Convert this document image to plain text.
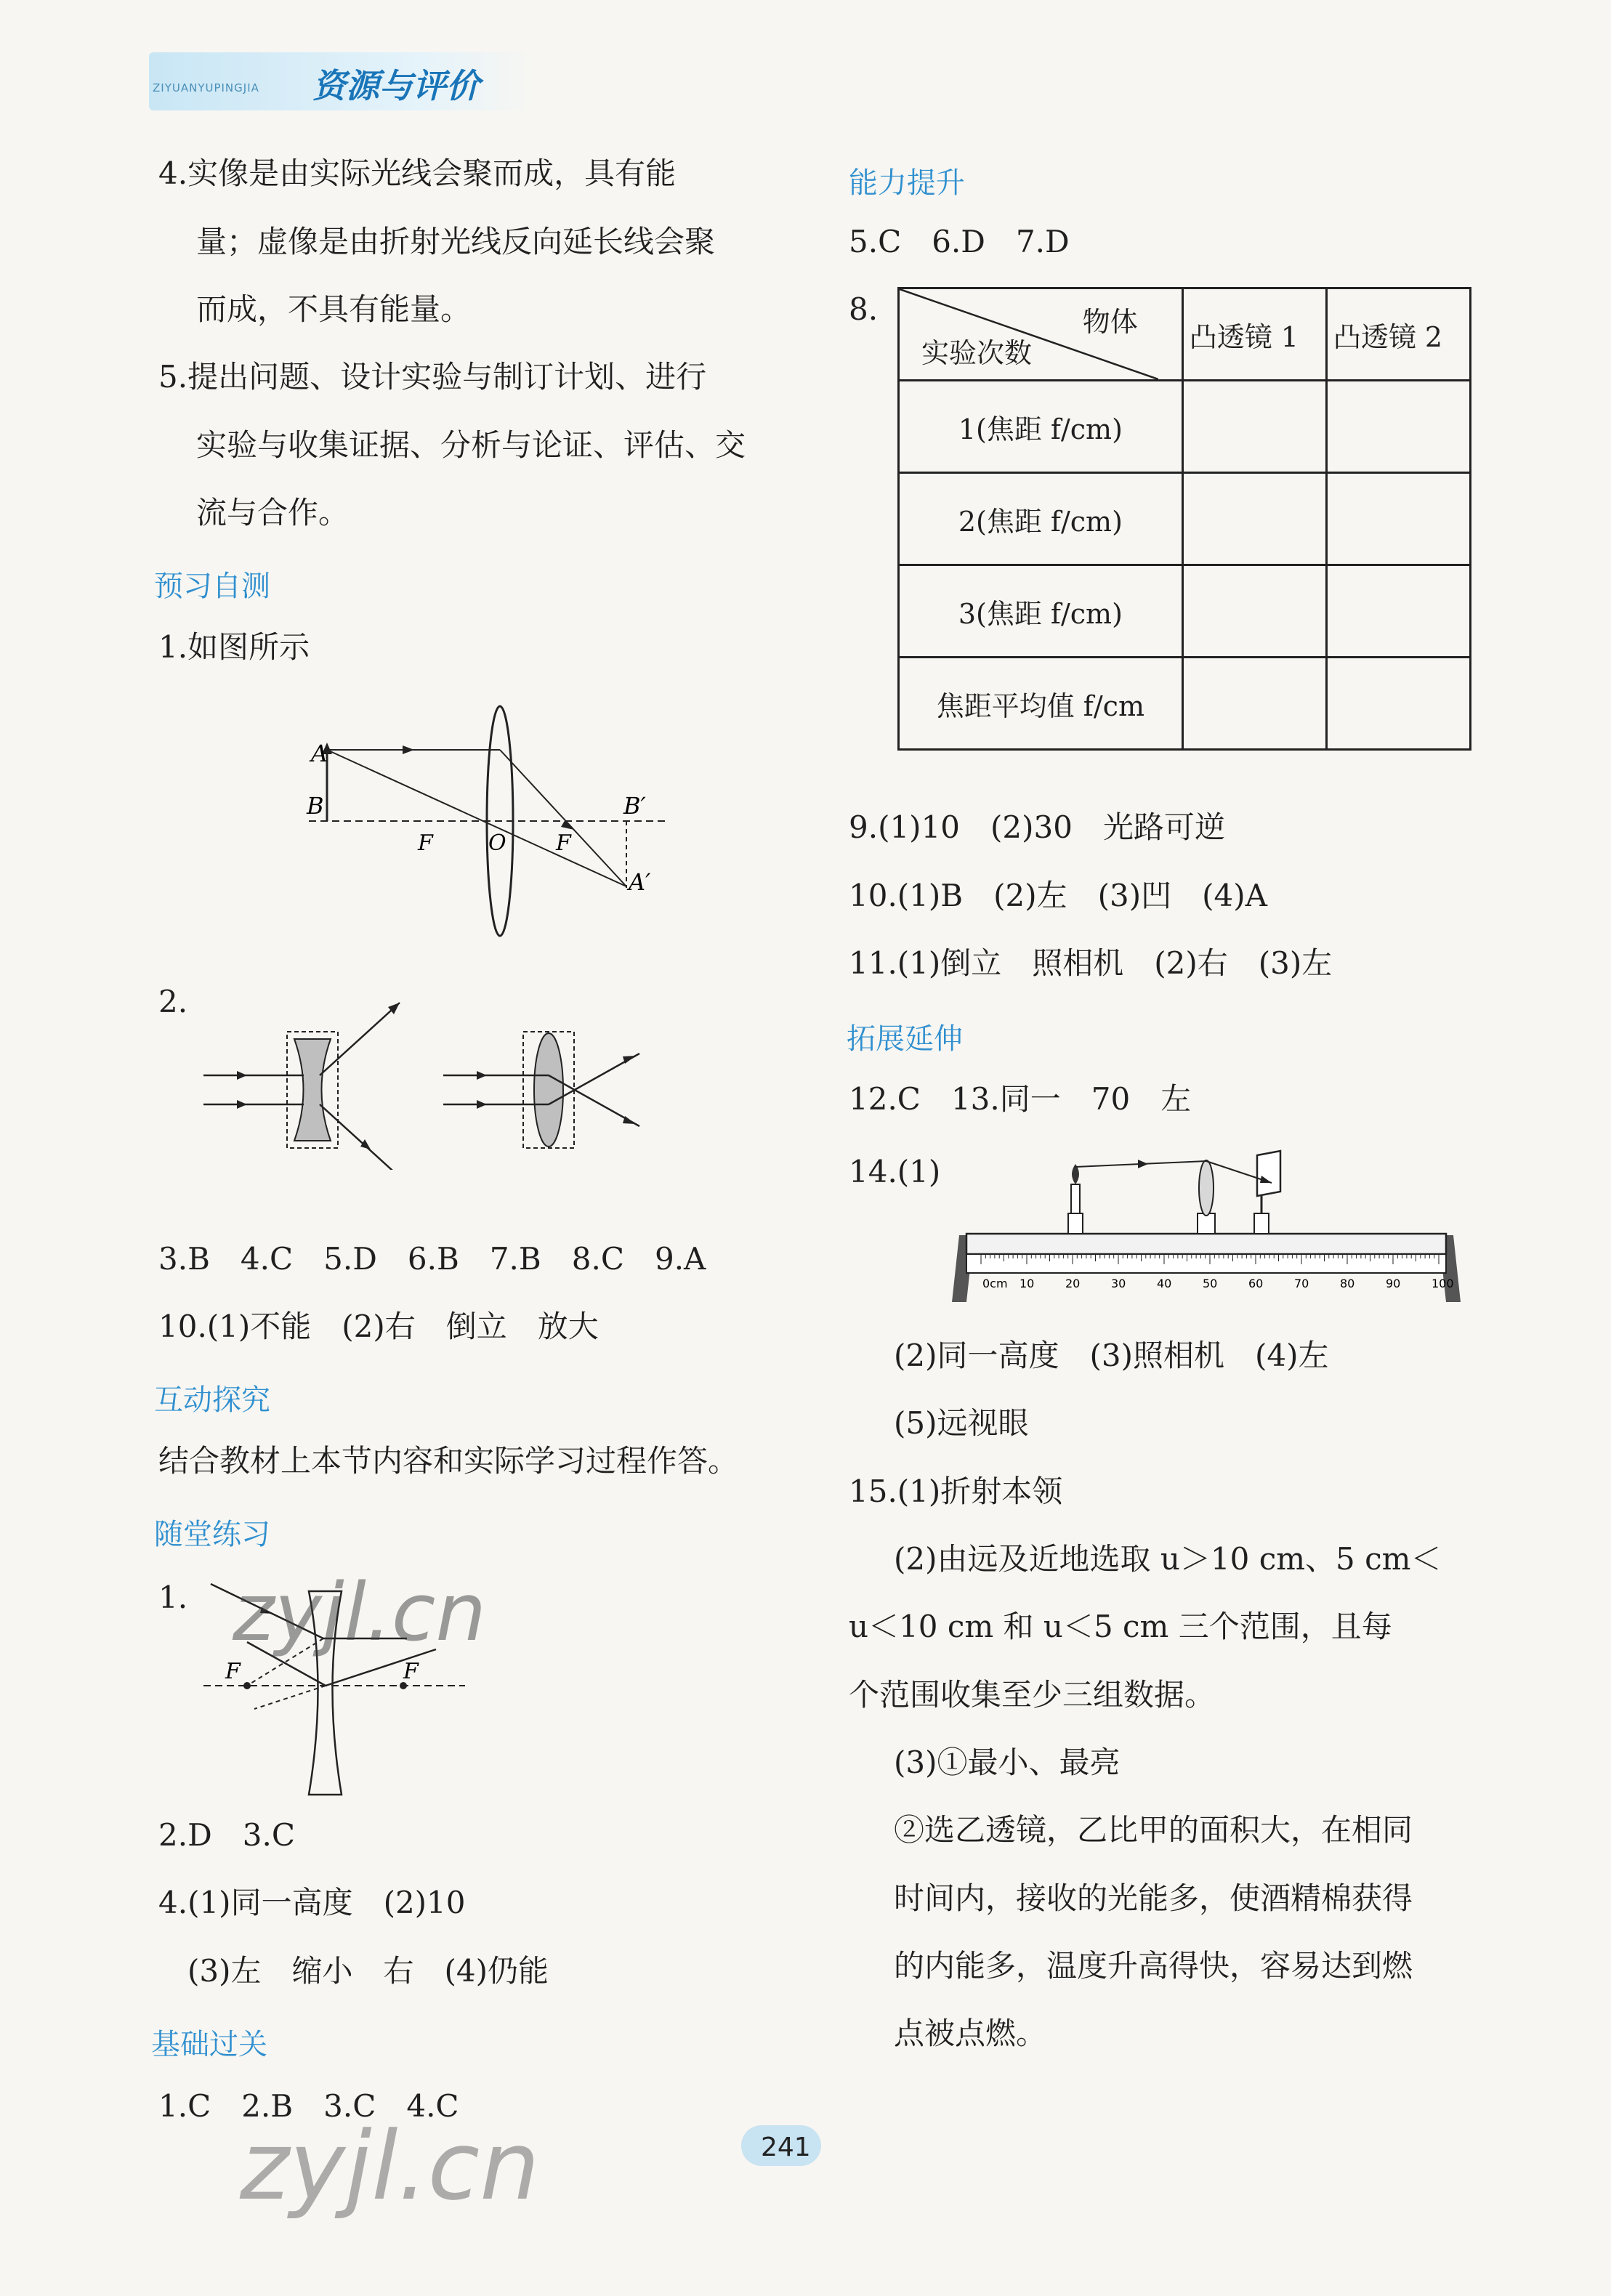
ZIYUANYUPINGJIA 资源与评价
4.实像是由实际光线会聚而成，具有能
量；虚像是由折射光线反向延长线会聚
而成，不具有能量。
5.提出问题、设计实验与制订计划、进行
实验与收集证据、分析与论证、评估、交
流与合作。
预习自测
1.如图所示
A
B
F	O F
B′
A′
2.
3.B　4.C　5.D　6.B　7.B　8.C　9.A
10.(1)不能　(2)右　倒立　放大
互动探究
结合教材上本节内容和实际学习过程作答。
随堂练习
1.
F	F
2.D　3.C
4.(1)同一高度　(2)10
(3)左　缩小　右　(4)仍能
基础过关
1.C　2.B　3.C　4.C
能力提升
5.C　6.D　7.D
8.	物体
实验次数	凸透镜 1	凸透镜 2
1(焦距 f/cm)		
2(焦距 f/cm)		
3(焦距 f/cm)		
焦距平均值 f/cm		
9.(1)10　(2)30　光路可逆
10.(1)B　(2)左　(3)凹　(4)A
11.(1)倒立　照相机　(2)右　(3)左
拓展延伸
12.C　13.同一　70　左
14.(1)
0cm 10	20	30	40	50	60	70	80	90	100
(2)同一高度　(3)照相机　(4)左
(5)远视眼
15.(1)折射本领
(2)由远及近地选取 u＞10 cm、5 cm＜
u＜10 cm 和 u＜5 cm 三个范围，且每
个范围收集至少三组数据。
(3)①最小、最亮
②选乙透镜，乙比甲的面积大，在相同
时间内，接收的光能多，使酒精棉获得
的内能多，温度升高得快，容易达到燃
点被点燃。
zyjl.cn
zyjl.cn	241
